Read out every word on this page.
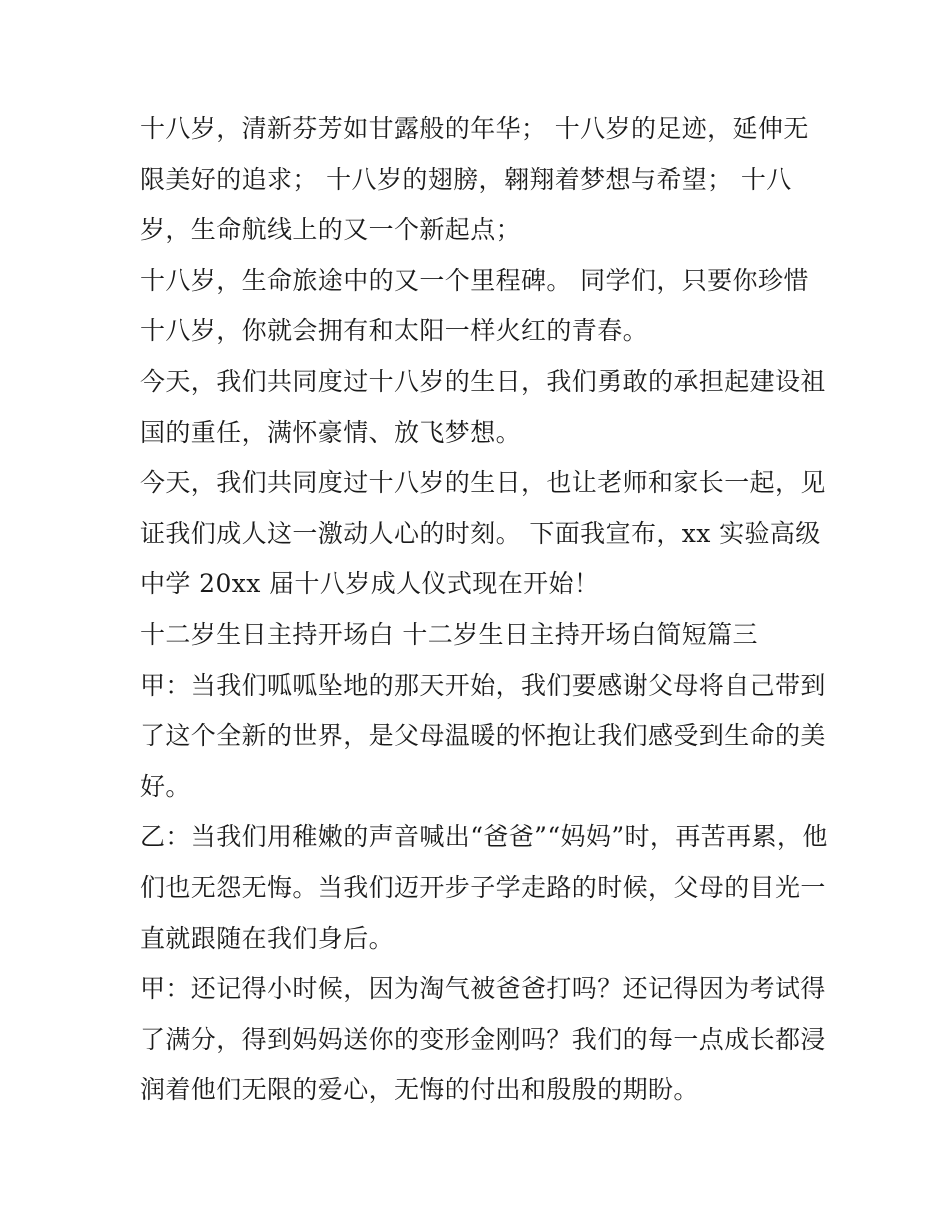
十八岁，清新芬芳如甘露般的年华； 十八岁的足迹，延伸无
限美好的追求； 十八岁的翅膀，翱翔着梦想与希望； 十八
岁，生命航线上的又一个新起点；

十八岁，生命旅途中的又一个里程碑。 同学们，只要你珍惜
十八岁，你就会拥有和太阳一样火红的青春。

今天，我们共同度过十八岁的生日，我们勇敢的承担起建设祖
国的重任，满怀豪情、放飞梦想。

今天，我们共同度过十八岁的生日，也让老师和家长一起，见
证我们成人这一激动人心的时刻。 下面我宣布，xx 实验高级
中学 20xx 届十八岁成人仪式现在开始！

十二岁生日主持开场白 十二岁生日主持开场白简短篇三

甲：当我们呱呱坠地的那天开始，我们要感谢父母将自己带到
了这个全新的世界，是父母温暖的怀抱让我们感受到生命的美
好。

乙：当我们用稚嫩的声音喊出“爸爸”“妈妈”时，再苦再累，他
们也无怨无悔。当我们迈开步子学走路的时候，父母的目光一
直就跟随在我们身后。

甲：还记得小时候，因为淘气被爸爸打吗？还记得因为考试得
了满分，得到妈妈送你的变形金刚吗？我们的每一点成长都浸
润着他们无限的爱心，无悔的付出和殷殷的期盼。
